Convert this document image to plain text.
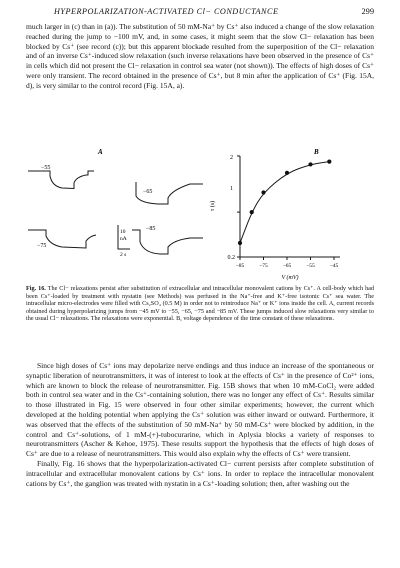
HYPERPOLARIZATION-ACTIVATED Cl− CONDUCTANCE	299

much larger in (c) than in (a)). The substitution of 50 mM-Na⁺ by Cs⁺ also induced a change of the slow relaxation reached during the jump to −100 mV, and, in some cases, it might seem that the slow Cl− relaxation has been blocked by Cs⁺ (see record (c)); but this apparent blockade resulted from the superposition of the Cl− relaxation and of an inverse Cs⁺-induced slow relaxation (such inverse relaxations have been observed in the presence of Cs⁺ in cells which did not present the Cl− relaxation in control sea water (not shown)). The effects of high doses of Cs⁺ were only transient. The record obtained in the presence of Cs⁺, but 8 min after the application of Cs⁺ (Fig. 15A, d), is very similar to the control record (Fig. 15A, a).

A
−55
−65
−75
−85
10
nA
2 s
B
2
1
0.2
τ (s)
V (mV)
−85	−75	−65	−55	−45
Fig. 16. The Cl− relaxations persist after substitution of extracellular and intracellular monovalent cations by Cs⁺. A cell-body which had been Cs⁺-loaded by treatment with nystatin (see Methods) was perfused in the Na⁺-free and K⁺-free isotonic Cs⁺ sea water. The intracellular micro-electrodes were filled with Cs₂SO₄ (0.5 M) in order not to reintroduce Na⁺ or K⁺ ions inside the cell. A, current records obtained during hyperpolarizing jumps from −45 mV to −55, −65, −75 and −85 mV. These jumps induced slow relaxations very similar to the usual Cl− relaxations. The relaxations were exponential. B, voltage dependence of the time constant of these relaxations.

Since high doses of Cs⁺ ions may depolarize nerve endings and thus induce an increase of the spontaneous or synaptic liberation of neurotransmitters, it was of interest to look at the effects of Cs⁺ in the presence of Co²⁺ ions, which are known to block the release of neurotransmitter. Fig. 15B shows that when 10 mM-CoCl₂ were added both in control sea water and in the Cs⁺-containing solution, there was no longer any effect of Cs⁺. Results similar to those illustrated in Fig. 15 were observed in four other similar experiments; however, the current which developed at the holding potential when applying the Cs⁺ solution was either inward or outward. Furthermore, it was observed that the effects of the substitution of 50 mM-Na⁺ by 50 mM-Cs⁺ were blocked by addition, in the control and Cs⁺-solutions, of 1 mM-(+)-tubocurarine, which in Aplysia blocks a variety of responses to neurotransmitters (Ascher & Kehoe, 1975). These results support the hypothesis that the effects of high doses of Cs⁺ are due to a release of neurotransmitters. This would also explain why the effects of Cs⁺ were transient.

Finally, Fig. 16 shows that the hyperpolarization-activated Cl− current persists after complete substitution of intracellular and extracellular monovalent cations by Cs⁺ ions. In order to replace the intracellular monovalent cations by Cs⁺, the ganglion was treated with nystatin in a Cs⁺-loading solution; then, after washing out the
